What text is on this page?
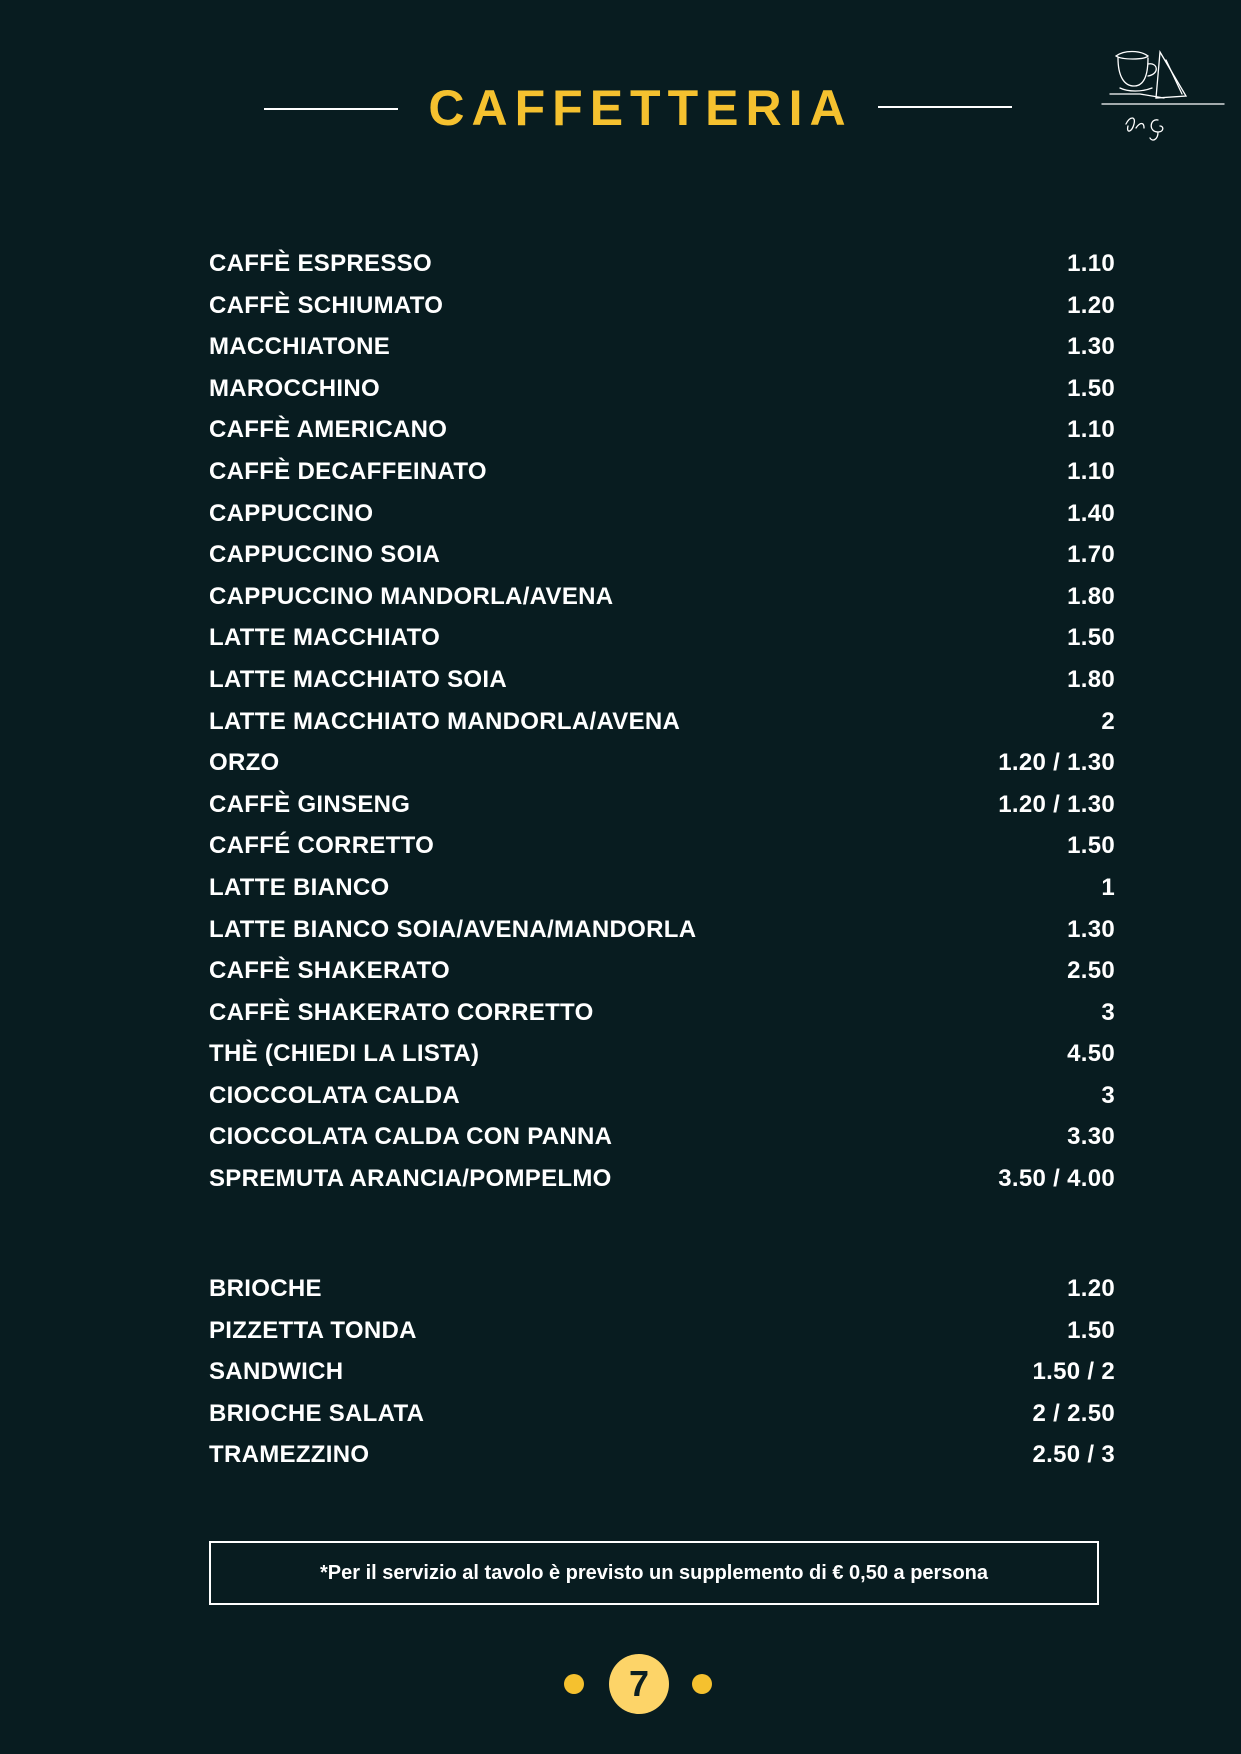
CAFFETTERIA
CAFFÈ ESPRESSO	1.10
CAFFÈ SCHIUMATO	1.20
MACCHIATONE	1.30
MAROCCHINO	1.50
CAFFÈ AMERICANO	1.10
CAFFÈ DECAFFEINATO	1.10
CAPPUCCINO	1.40
CAPPUCCINO SOIA	1.70
CAPPUCCINO MANDORLA/AVENA	1.80
LATTE MACCHIATO	1.50
LATTE MACCHIATO SOIA	1.80
LATTE MACCHIATO MANDORLA/AVENA	2
ORZO	1.20 / 1.30
CAFFÈ GINSENG	1.20 / 1.30
CAFFÉ CORRETTO	1.50
LATTE BIANCO	1
LATTE BIANCO SOIA/AVENA/MANDORLA	1.30
CAFFÈ SHAKERATO	2.50
CAFFÈ SHAKERATO CORRETTO	3
THÈ (CHIEDI LA LISTA)	4.50
CIOCCOLATA CALDA	3
CIOCCOLATA CALDA CON PANNA	3.30
SPREMUTA ARANCIA/POMPELMO	3.50 / 4.00
BRIOCHE	1.20
PIZZETTA TONDA	1.50
SANDWICH	1.50 / 2
BRIOCHE SALATA	2 / 2.50
TRAMEZZINO	2.50 / 3
*Per il servizio al tavolo è previsto un supplemento di € 0,50 a persona
7
